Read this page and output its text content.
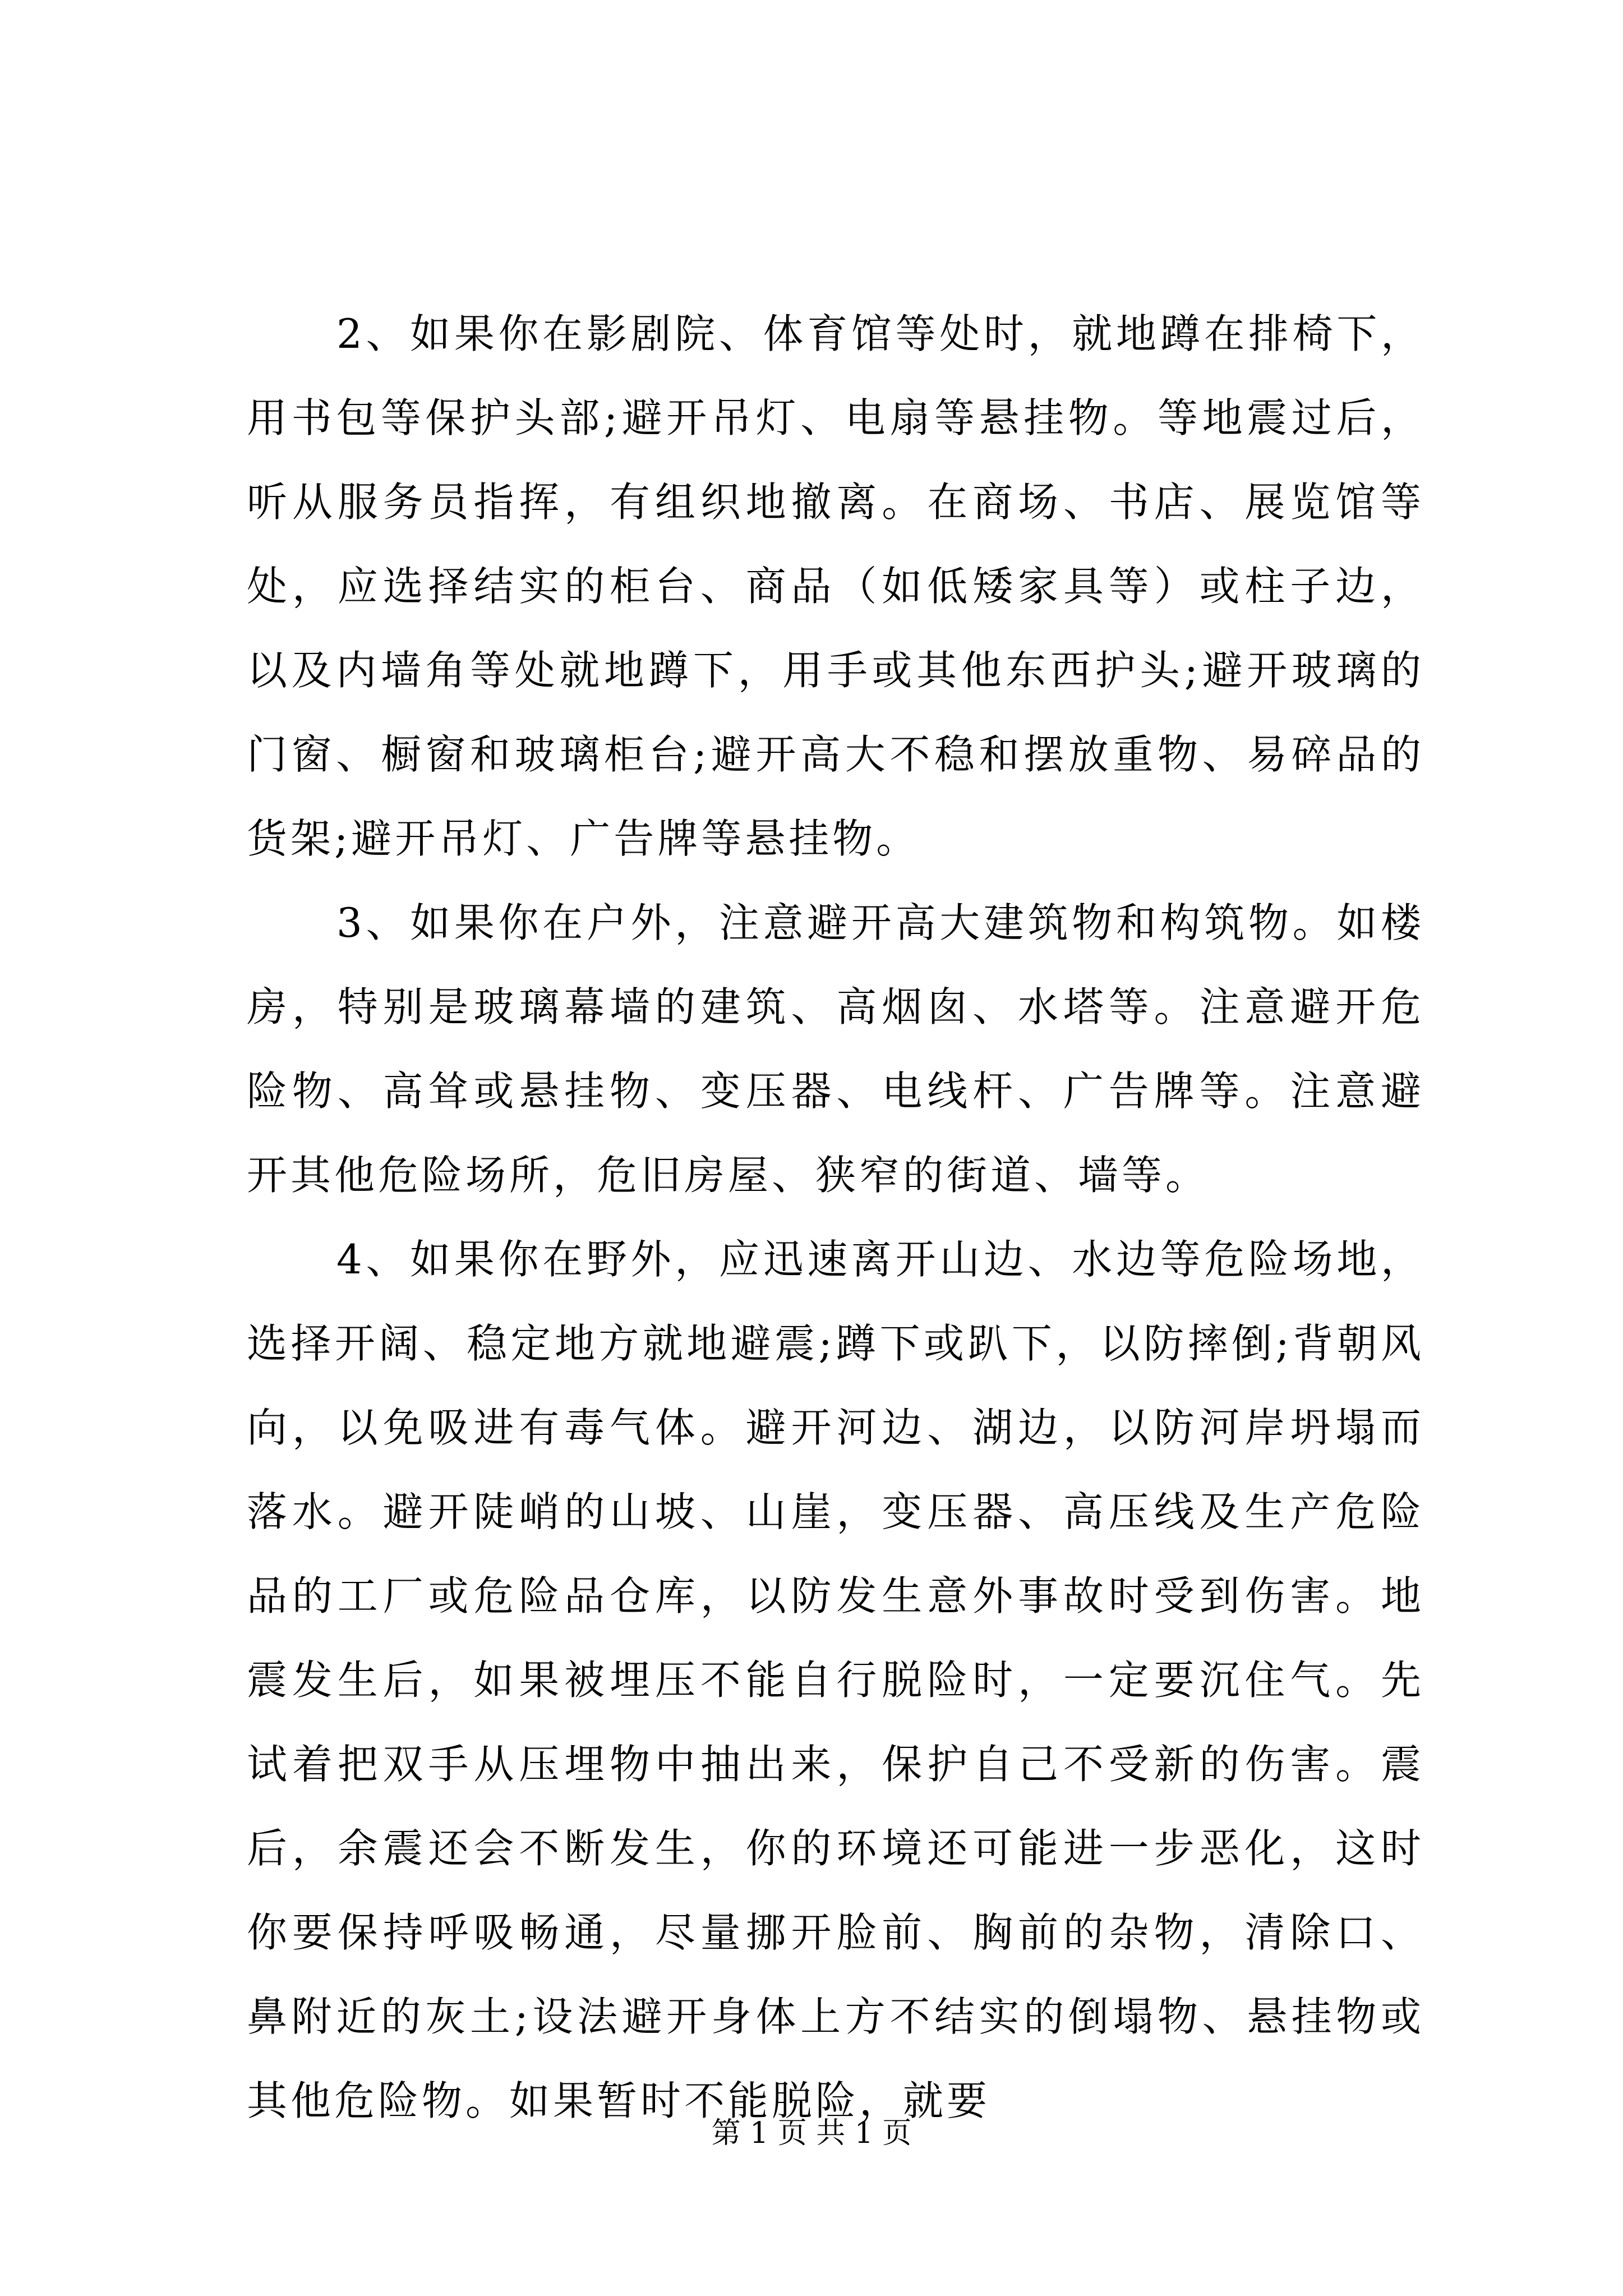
2、如果你在影剧院、体育馆等处时，就地蹲在排椅下，用书包等保护头部;避开吊灯、电扇等悬挂物。等地震过后，听从服务员指挥，有组织地撤离。在商场、书店、展览馆等处，应选择结实的柜台、商品（如低矮家具等）或柱子边，以及内墙角等处就地蹲下，用手或其他东西护头;避开玻璃的门窗、橱窗和玻璃柜台;避开高大不稳和摆放重物、易碎品的货架;避开吊灯、广告牌等悬挂物。

3、如果你在户外，注意避开高大建筑物和构筑物。如楼房，特别是玻璃幕墙的建筑、高烟囱、水塔等。注意避开危险物、高耸或悬挂物、变压器、电线杆、广告牌等。注意避开其他危险场所，危旧房屋、狭窄的街道、墙等。

4、如果你在野外，应迅速离开山边、水边等危险场地，选择开阔、稳定地方就地避震;蹲下或趴下，以防摔倒;背朝风向，以免吸进有毒气体。避开河边、湖边，以防河岸坍塌而落水。避开陡峭的山坡、山崖，变压器、高压线及生产危险品的工厂或危险品仓库，以防发生意外事故时受到伤害。地震发生后，如果被埋压不能自行脱险时，一定要沉住气。先试着把双手从压埋物中抽出来，保护自己不受新的伤害。震后，余震还会不断发生，你的环境还可能进一步恶化，这时你要保持呼吸畅通，尽量挪开脸前、胸前的杂物，清除口、鼻附近的灰土;设法避开身体上方不结实的倒塌物、悬挂物或其他危险物。如果暂时不能脱险，就要

第 1 页 共 1 页
